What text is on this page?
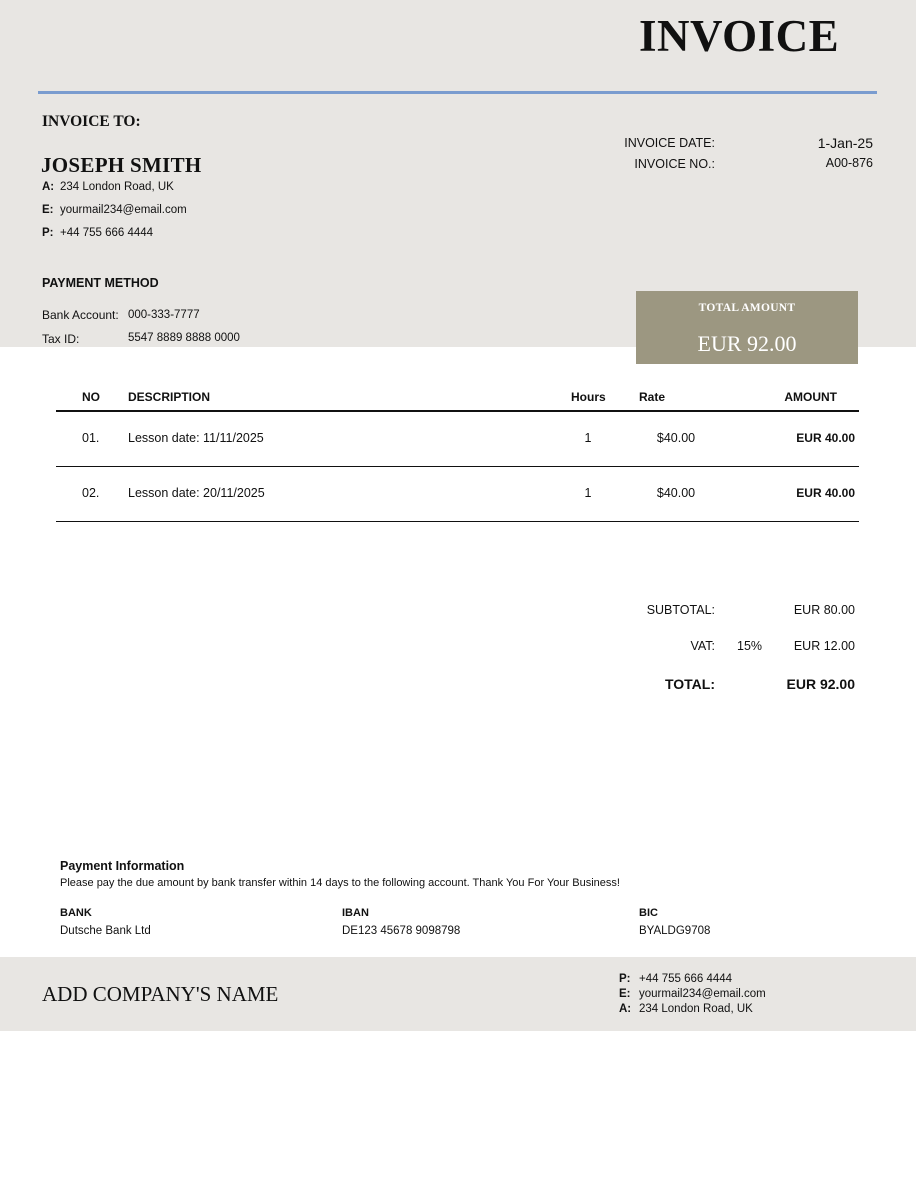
INVOICE
INVOICE TO:
JOSEPH SMITH
A: 234 London Road, UK
E: yourmail234@email.com
P: +44 755 666 4444
INVOICE DATE:	1-Jan-25
INVOICE NO.:	A00-876
PAYMENT METHOD
Bank Account: 000-333-7777
Tax ID:	5547 8889 8888 0000
TOTAL AMOUNT
EUR 92.00
NO DESCRIPTION	Hours	Rate	AMOUNT
01. Lesson date: 11/11/2025	1	$40.00	EUR 40.00
02. Lesson date: 20/11/2025	1	$40.00	EUR 40.00
SUBTOTAL:	EUR 80.00
VAT: 15%	EUR 12.00
TOTAL:	EUR 92.00
Payment Information
Please pay the due amount by bank transfer within 14 days to the following account. Thank You For Your Business!
BANK
Dutsche Bank Ltd
IBAN
DE123 45678 9098798
BIC
BYALDG9708
ADD COMPANY'S NAME
P: +44 755 666 4444
E: yourmail234@email.com
A: 234 London Road, UK
